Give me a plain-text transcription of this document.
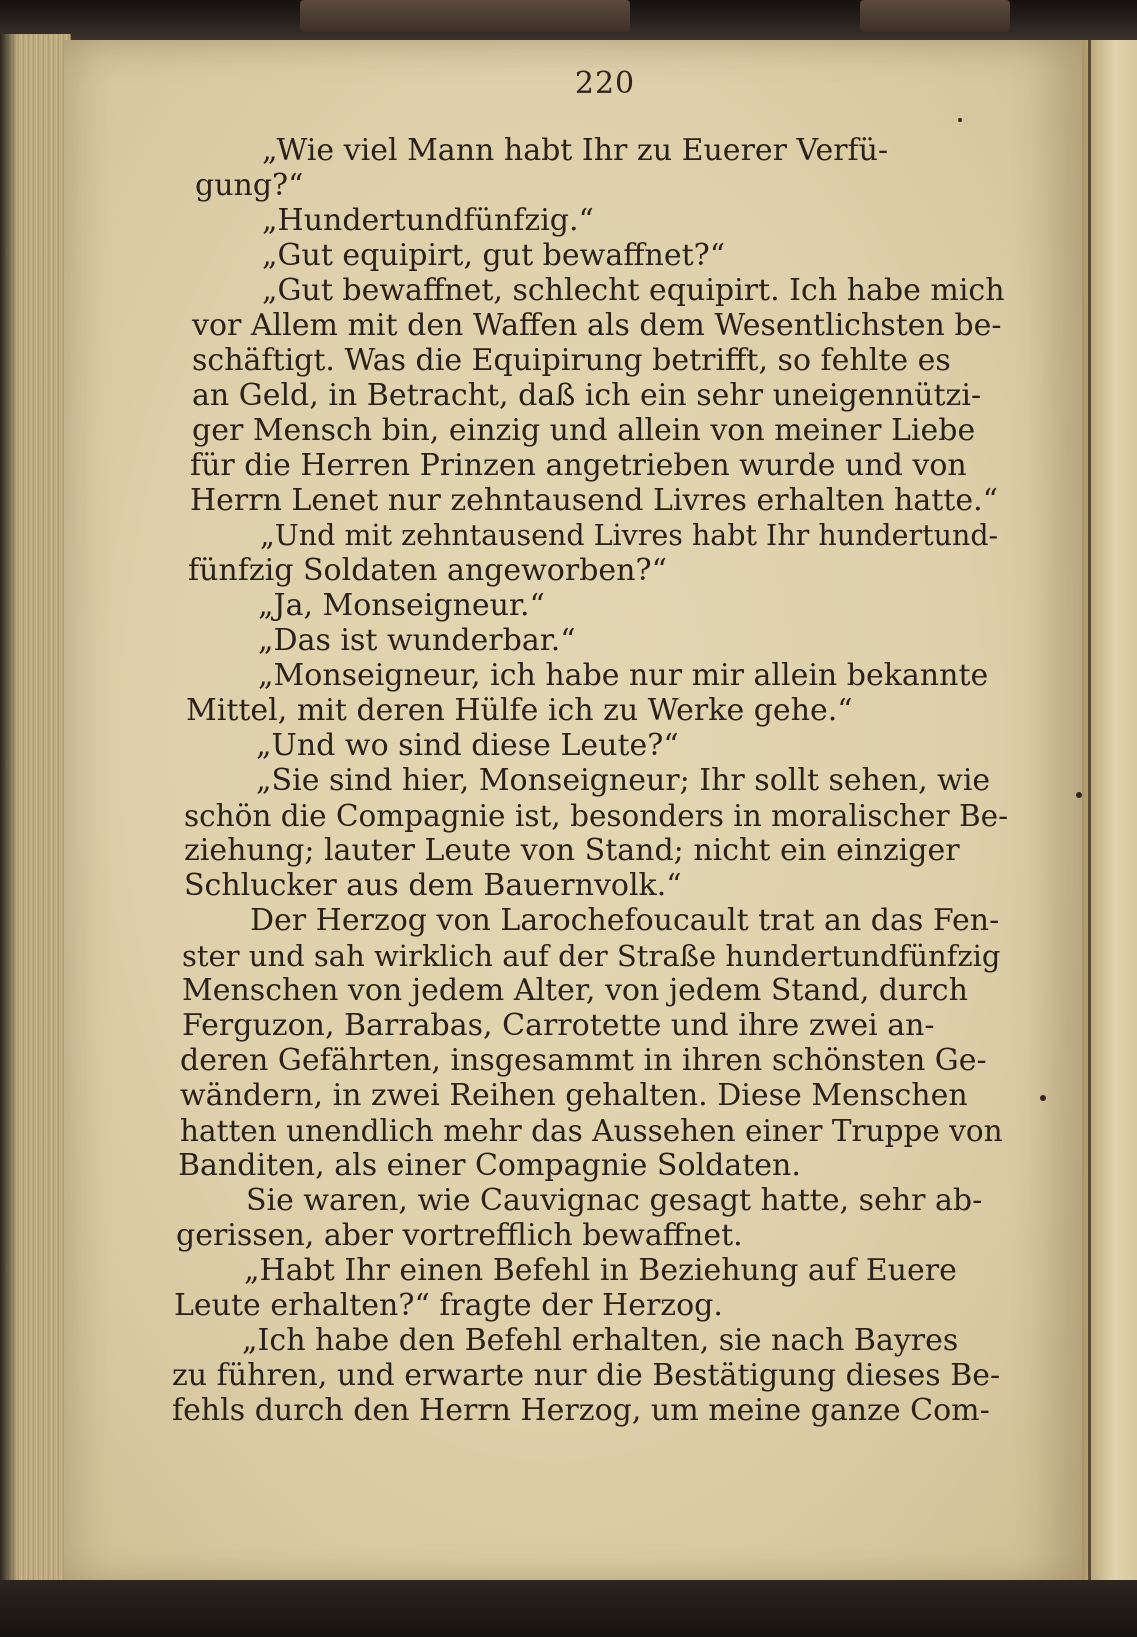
220
„Wie viel Mann habt Ihr zu Euerer Verfü-
gung?“
„Hundertundfünfzig.“
„Gut equipirt, gut bewaffnet?“
„Gut bewaffnet, schlecht equipirt. Ich habe mich
vor Allem mit den Waffen als dem Wesentlichsten be-
schäftigt. Was die Equipirung betrifft, so fehlte es
an Geld, in Betracht, daß ich ein sehr uneigennützi-
ger Mensch bin, einzig und allein von meiner Liebe
für die Herren Prinzen angetrieben wurde und von
Herrn Lenet nur zehntausend Livres erhalten hatte.“
„Und mit zehntausend Livres habt Ihr hundertund-
fünfzig Soldaten angeworben?“
„Ja, Monseigneur.“
„Das ist wunderbar.“
„Monseigneur, ich habe nur mir allein bekannte
Mittel, mit deren Hülfe ich zu Werke gehe.“
„Und wo sind diese Leute?“
„Sie sind hier, Monseigneur; Ihr sollt sehen, wie
schön die Compagnie ist, besonders in moralischer Be-
ziehung; lauter Leute von Stand; nicht ein einziger
Schlucker aus dem Bauernvolk.“
Der Herzog von Larochefoucault trat an das Fen-
ster und sah wirklich auf der Straße hundertundfünfzig
Menschen von jedem Alter, von jedem Stand, durch
Ferguzon, Barrabas, Carrotette und ihre zwei an-
deren Gefährten, insgesammt in ihren schönsten Ge-
wändern, in zwei Reihen gehalten. Diese Menschen
hatten unendlich mehr das Aussehen einer Truppe von
Banditen, als einer Compagnie Soldaten.
Sie waren, wie Cauvignac gesagt hatte, sehr ab-
gerissen, aber vortrefflich bewaffnet.
„Habt Ihr einen Befehl in Beziehung auf Euere
Leute erhalten?“ fragte der Herzog.
„Ich habe den Befehl erhalten, sie nach Bayres
zu führen, und erwarte nur die Bestätigung dieses Be-
fehls durch den Herrn Herzog, um meine ganze Com-
